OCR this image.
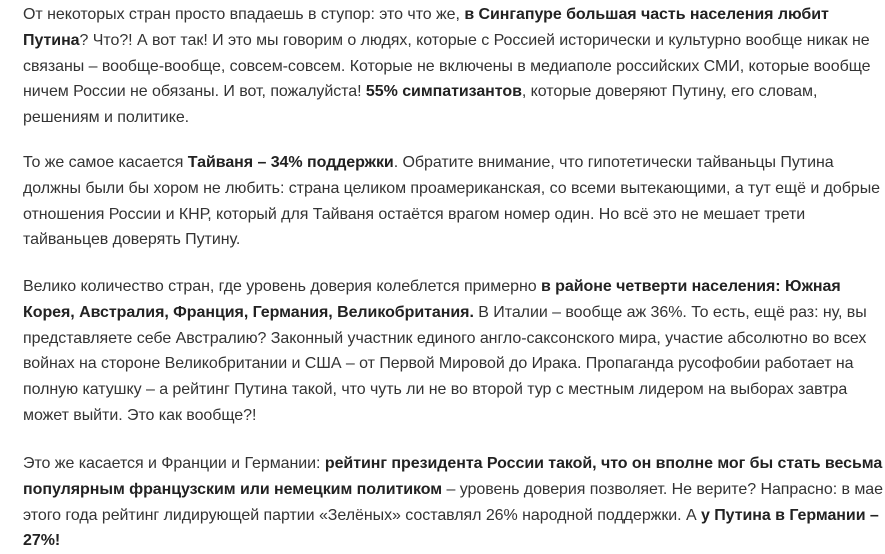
От некоторых стран просто впадаешь в ступор: это что же, в Сингапуре большая часть населения любит Путина? Что?! А вот так! И это мы говорим о людях, которые с Россией исторически и культурно вообще никак не связаны – вообще-вообще, совсем-совсем. Которые не включены в медиаполе российских СМИ, которые вообще ничем России не обязаны. И вот, пожалуйста! 55% симпатизантов, которые доверяют Путину, его словам, решениям и политике.

То же самое касается Тайваня – 34% поддержки. Обратите внимание, что гипотетически тайваньцы Путина должны были бы хором не любить: страна целиком проамериканская, со всеми вытекающими, а тут ещё и добрые отношения России и КНР, который для Тайваня остаётся врагом номер один. Но всё это не мешает трети тайваньцев доверять Путину.

Велико количество стран, где уровень доверия колеблется примерно в районе четверти населения: Южная Корея, Австралия, Франция, Германия, Великобритания. В Италии – вообще аж 36%. То есть, ещё раз: ну, вы представляете себе Австралию? Законный участник единого англо-саксонского мира, участие абсолютно во всех войнах на стороне Великобритании и США – от Первой Мировой до Ирака. Пропаганда русофобии работает на полную катушку – а рейтинг Путина такой, что чуть ли не во второй тур с местным лидером на выборах завтра может выйти. Это как вообще?!

Это же касается и Франции и Германии: рейтинг президента России такой, что он вполне мог бы стать весьма популярным французским или немецким политиком – уровень доверия позволяет. Не верите? Напрасно: в мае этого года рейтинг лидирующей партии «Зелёных» составлял 26% народной поддержки. А у Путина в Германии – 27%!
